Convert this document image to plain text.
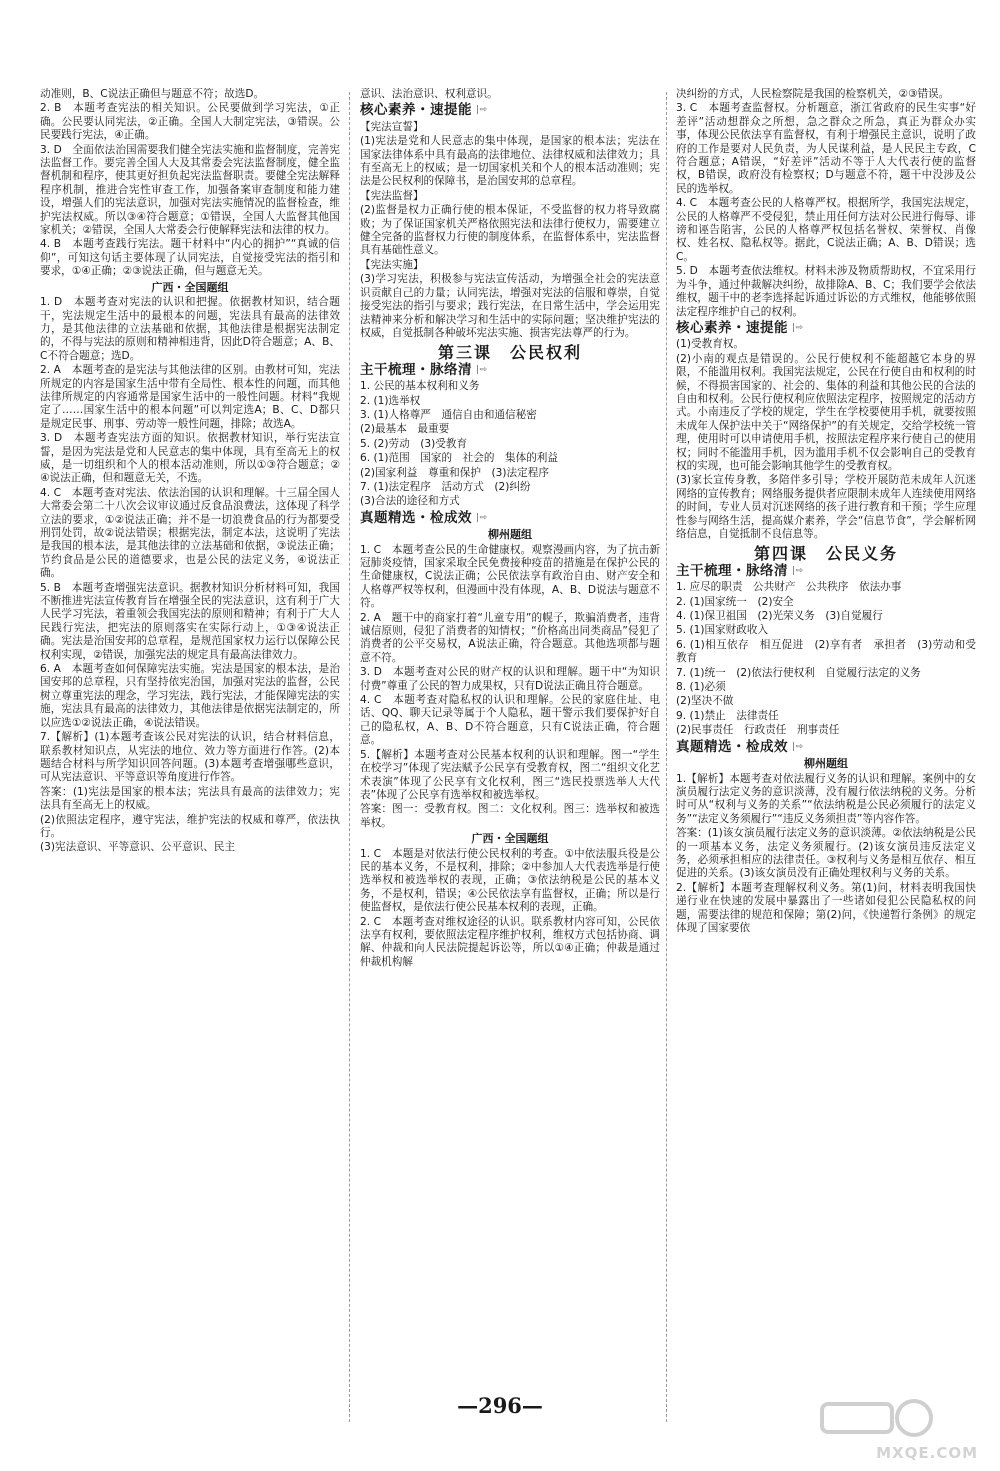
动准则，B、C说法正确但与题意不符；故选D。

2. B　本题考查宪法的相关知识。公民要做到学习宪法，①正确。公民要认同宪法，②正确。全国人大制定宪法，③错误。公民要践行宪法，④正确。

3. D　全面依法治国需要我们健全宪法实施和监督制度，完善宪法监督工作。要完善全国人大及其常委会宪法监督制度，健全监督机制和程序，使其更好担负起宪法监督职责。要健全宪法解释程序机制，推进合宪性审查工作，加强备案审查制度和能力建设，增强人们的宪法意识，加强对宪法实施情况的监督检查，维护宪法权威。所以③④符合题意；①错误，全国人大监督其他国家机关；②错误，全国人大常委会行使解释宪法和法律的权力。

4. B　本题考查践行宪法。题干材料中“内心的拥护”“真诚的信仰”，可知这句话主要体现了认同宪法，自觉接受宪法的指引和要求，①④正确；②③说法正确，但与题意无关。

广西・全国题组

1. D　本题考查对宪法的认识和把握。依据教材知识，结合题干，宪法规定生活中的最根本的问题，宪法具有最高的法律效力，是其他法律的立法基础和依据，其他法律是根据宪法制定的，不得与宪法的原则和精神相违背，因此D符合题意；A、B、C不符合题意；选D。

2. A　本题考查的是宪法与其他法律的区别。由教材可知，宪法所规定的内容是国家生活中带有全局性、根本性的问题，而其他法律所规定的内容通常是国家生活中的一般性问题。材料“我规定了……国家生活中的根本问题”可以判定选A；B、C、D都只是规定民事、刑事、劳动等一般性问题，排除；故选A。

3. D　本题考查宪法方面的知识。依据教材知识，举行宪法宣誓，是因为宪法是党和人民意志的集中体现，具有至高无上的权威，是一切组织和个人的根本活动准则，所以①③符合题意；②④说法正确，但和题意无关，不选。

4. C　本题考查对宪法、依法治国的认识和理解。十三届全国人大常委会第二十八次会议审议通过反食品浪费法，这体现了科学立法的要求，①②说法正确；并不是一切浪费食品的行为都要受刑罚处罚，故②说法错误；根据宪法，制定本法，这说明了宪法是我国的根本法，是其他法律的立法基础和依据，③说法正确；节约食品是公民的道德要求，也是公民的法定义务，④说法正确。

5. B　本题考查增强宪法意识。据教材知识分析材料可知，我国不断推进宪法宣传教育旨在增强全民的宪法意识，这有利于广大人民学习宪法，着重领会我国宪法的原则和精神；有利于广大人民践行宪法，把宪法的原则落实在实际行动上，①③④说法正确。宪法是治国安邦的总章程，是规范国家权力运行以保障公民权利实现，②错误，加强宪法的规定具有最高法律效力。

6. A　本题考查如何保障宪法实施。宪法是国家的根本法，是治国安邦的总章程，只有坚持依宪治国，加强对宪法的监督，公民树立尊重宪法的理念，学习宪法，践行宪法，才能保障宪法的实施，宪法具有最高的法律效力，其他法律是依据宪法制定的，所以应选①②说法正确，④说法错误。

7.【解析】(1)本题考查该公民对宪法的认识，结合材料信息，联系教材知识点，从宪法的地位、效力等方面进行作答。(2)本题结合材料与所学知识回答问题。(3)本题考查增强哪些意识，可从宪法意识、平等意识等角度进行作答。

答案：(1)宪法是国家的根本法；宪法具有最高的法律效力；宪法具有至高无上的权威。

(2)依照法定程序，遵守宪法，维护宪法的权威和尊严，依法执行。

(3)宪法意识、平等意识、公平意识、民主

意识、法治意识、权利意识。

核心素养・速提能 |⇨
【宪法宣誓】

(1)宪法是党和人民意志的集中体现，是国家的根本法；宪法在国家法律体系中具有最高的法律地位、法律权威和法律效力；具有至高无上的权威；是一切国家机关和个人的根本活动准则；宪法是公民权利的保障书，是治国安邦的总章程。

【宪法监督】

(2)监督是权力正确行使的根本保证，不受监督的权力将导致腐败；为了保证国家机关严格依照宪法和法律行使权力，需要建立健全完备的监督权力行使的制度体系，在监督体系中，宪法监督具有基础性意义。

【宪法实施】

(3)学习宪法，积极参与宪法宣传活动，为增强全社会的宪法意识贡献自己的力量；认同宪法，增强对宪法的信服和尊崇，自觉接受宪法的指引与要求；践行宪法，在日常生活中，学会运用宪法精神来分析和解决学习和生活中的实际问题；坚决维护宪法的权威，自觉抵制各种破坏宪法实施、损害宪法尊严的行为。

第三课　公民权利
主干梳理・脉络清 |⇨

1. 公民的基本权利和义务

2. (1)选举权

3. (1)人格尊严　通信自由和通信秘密

(2)最基本　最重要

5. (2)劳动　(3)受教育

6. (1)范围　国家的　社会的　集体的利益

(2)国家利益　尊重和保护　(3)法定程序

7. (1)法定程序　活动方式　(2)纠纷

(3)合法的途径和方式

真题精选・检成效 |⇨
柳州题组

1. C　本题考查公民的生命健康权。观察漫画内容，为了抗击新冠肺炎疫情，国家采取全民免费接种疫苗的措施是在保护公民的生命健康权，C说法正确；公民依法享有政治自由、财产安全和人格尊严权等权利，但漫画中没有体现，A、B、D说法与题意不符。

2. A　题干中的商家打着“儿童专用”的幌子，欺骗消费者，违背诚信原则，侵犯了消费者的知情权；“价格高出同类商品”侵犯了消费者的公平交易权，A说法正确，符合题意。其他选项都与题意不符。

3. D　本题考查对公民的财产权的认识和理解。题干中“为知识付费”尊重了公民的智力成果权，只有D说法正确且符合题意。

4. C　本题考查对隐私权的认识和理解。公民的家庭住址、电话、QQ、聊天记录等属于个人隐私，题干警示我们要保护好自己的隐私权，A、B、D不符合题意，只有C说法正确，符合题意。

5.【解析】本题考查对公民基本权利的认识和理解。图一“学生在校学习”体现了宪法赋予公民享有受教育权，图二“组织文化艺术表演”体现了公民享有文化权利，图三“选民投票选举人大代表”体现了公民享有选举权和被选举权。

答案：图一：受教育权。图二：文化权利。图三：选举权和被选举权。

广西・全国题组

1. C　本题是对依法行使公民权利的考查。①中依法服兵役是公民的基本义务，不是权利，排除；②中参加人大代表选举是行使选举权和被选举权的表现，正确；③依法纳税是公民的基本义务，不是权利，错误；④公民依法享有监督权，正确；所以是行使监督权，是依法行使公民基本权利的表现，正确。

2. C　本题考查对维权途径的认识。联系教材内容可知，公民依法享有权利，要依照法定程序维护权利，维权方式包括协商、调解、仲裁和向人民法院提起诉讼等，所以①④正确；仲裁是通过仲裁机构解

决纠纷的方式，人民检察院是我国的检察机关，②③错误。

3. C　本题考查监督权。分析题意，浙江省政府的民生实事“好差评”活动想群众之所想，急之群众之所急，真正为群众办实事，体现公民依法享有监督权，有利于增强民主意识，说明了政府的工作是要对人民负责，为人民谋利益，是人民民主专政，C符合题意；A错误，“好差评”活动不等于人大代表行使的监督权，B错误，政府没有检察权；D与题意不符，题干中没涉及公民的选举权。

4. C　本题考查公民的人格尊严权。根据所学，我国宪法规定，公民的人格尊严不受侵犯，禁止用任何方法对公民进行侮辱、诽谤和诬告陷害，公民的人格尊严权包括名誉权、荣誉权、肖像权、姓名权、隐私权等。据此，C说法正确；A、B、D错误；选C。

5. D　本题考查依法维权。材料未涉及物质帮助权，不宜采用行为斗争，通过仲裁解决纠纷，故排除A、B、C；我们要学会依法维权，题干中的老李选择起诉通过诉讼的方式维权，他能够依照法定程序维护自己的权利。

核心素养・速提能 |⇨

(1)受教育权。

(2)小南的观点是错误的。公民行使权利不能超越它本身的界限，不能滥用权利。我国宪法规定，公民在行使自由和权利的时候，不得损害国家的、社会的、集体的利益和其他公民的合法的自由和权利。公民行使权利应依照法定程序，按照规定的活动方式。小南违反了学校的规定，学生在学校要使用手机，就要按照未成年人保护法中关于“网络保护”的有关规定，交给学校统一管理，使用时可以申请使用手机，按照法定程序来行使自己的使用权；同时不能滥用手机，因为滥用手机不仅会影响自己的受教育权的实现，也可能会影响其他学生的受教育权。

(3)家长宣传身教，多陪伴多引导；学校开展防范未成年人沉迷网络的宣传教育；网络服务提供者应限制未成年人连续使用网络的时间，专业人员对沉迷网络的孩子进行教育和干预；学生应理性参与网络生活，提高媒介素养，学会“信息节食”，学会解析网络信息，自觉抵制不良信息等。

第四课　公民义务
主干梳理・脉络清 |⇨

1. 应尽的职责　公共财产　公共秩序　依法办事

2. (1)国家统一　(2)安全

4. (1)保卫祖国　(2)光荣义务　(3)自觉履行

5. (1)国家财政收入

6. (1)相互依存　相互促进　(2)享有者　承担者　(3)劳动和受教育

7. (1)统一　(2)依法行使权利　自觉履行法定的义务

8. (1)必须

(2)坚决不做

9. (1)禁止　法律责任

(2)民事责任　行政责任　刑事责任

真题精选・检成效 |⇨
柳州题组

1.【解析】本题考查对依法履行义务的认识和理解。案例中的女演员履行法定义务的意识淡薄，没有履行依法纳税的义务。分析时可从“权利与义务的关系”“依法纳税是公民必须履行的法定义务”“法定义务须履行”“违反义务须担责”等内容作答。

答案：(1)该女演员履行法定义务的意识淡薄。②依法纳税是公民的一项基本义务，法定义务须履行。(2)该女演员违反法定义务，必须承担相应的法律责任。③权利与义务是相互依存、相互促进的关系。(3)该女演员没有正确处理权利与义务的关系。

2.【解析】本题考查理解权利义务。第(1)问，材料表明我国快递行业在快速的发展中暴露出了一些诸如侵犯公民隐私权的问题，需要法律的规范和保障；第(2)问，《快递暂行条例》的规定体现了国家要依

—296—
MXQE.COM
